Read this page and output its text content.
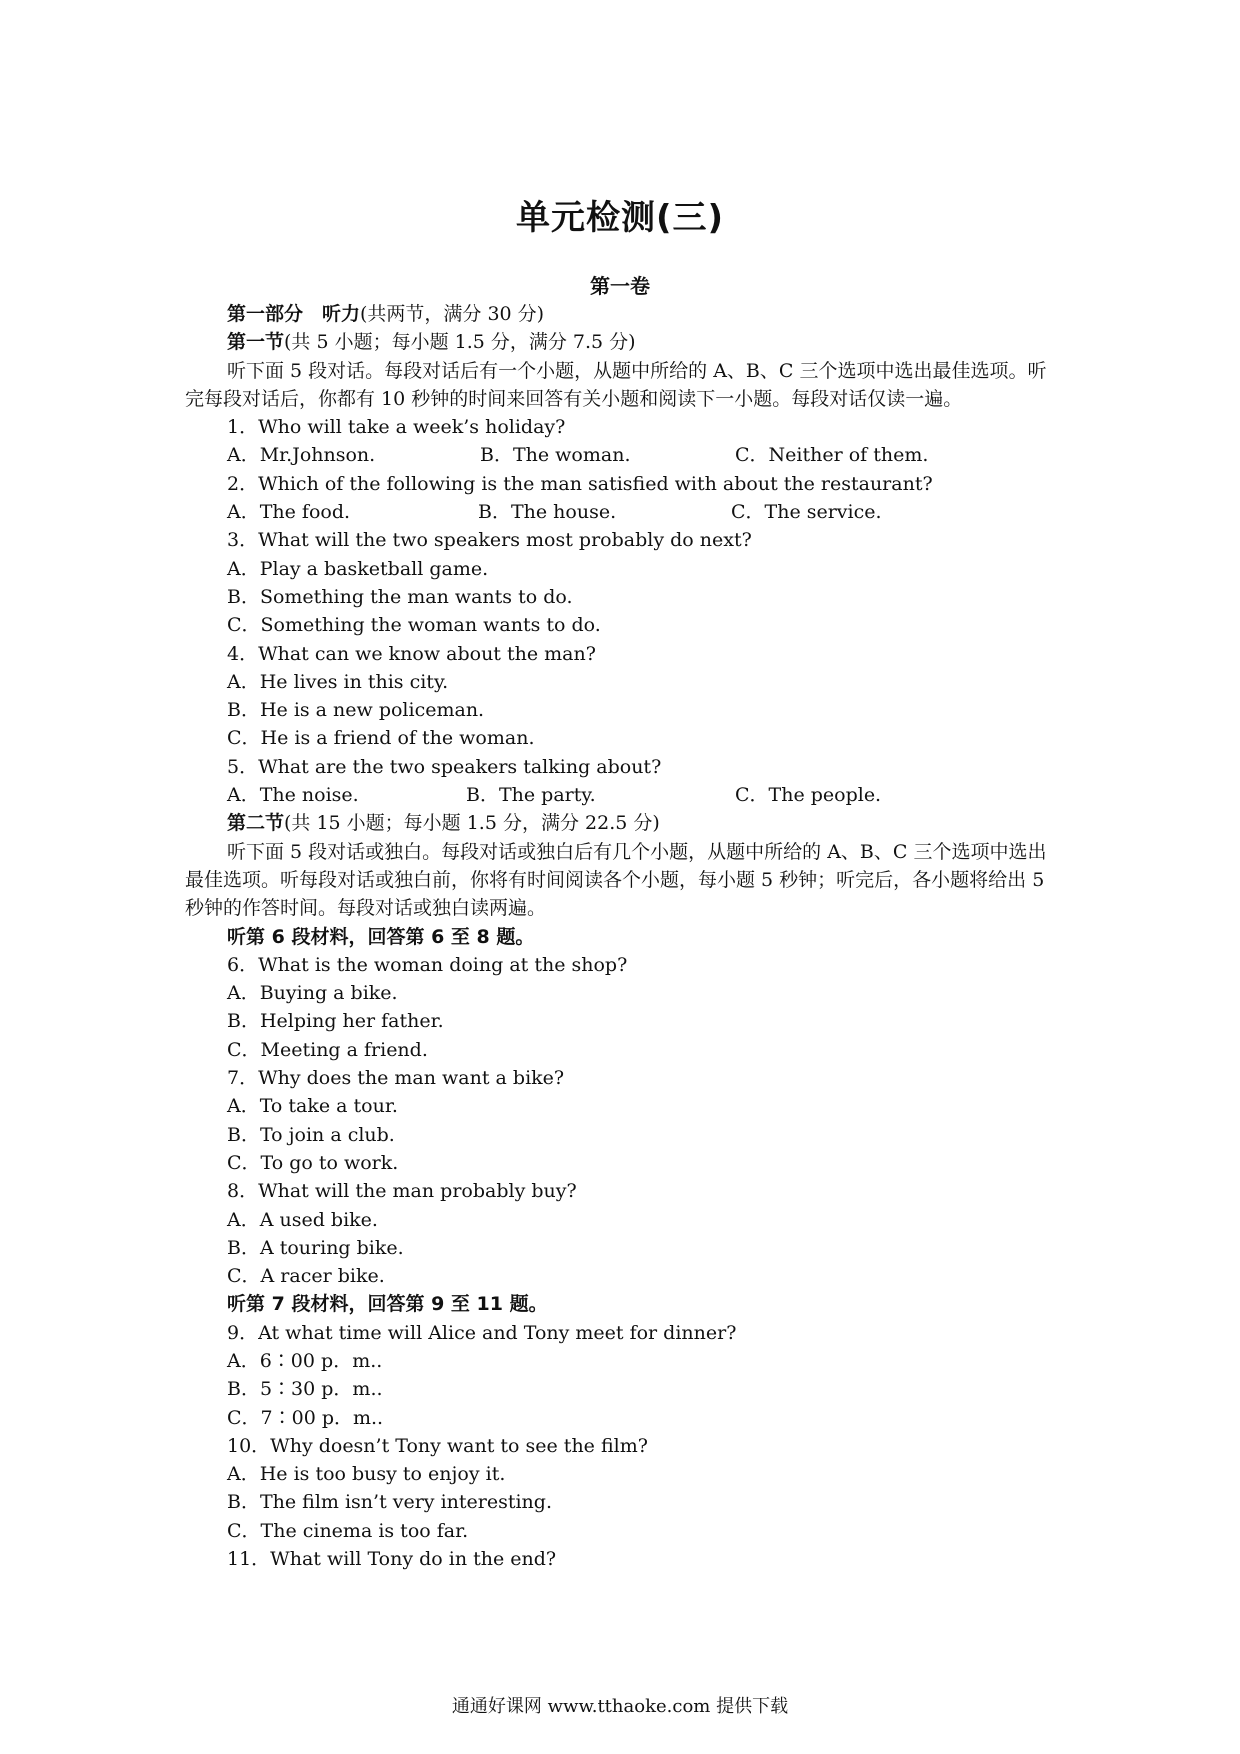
单元检测(三)
第一卷

第一部分　听力(共两节，满分 30 分)

第一节(共 5 小题；每小题 1.5 分，满分 7.5 分)

听下面 5 段对话。每段对话后有一个小题，从题中所给的 A、B、C 三个选项中选出最佳选项。听完每段对话后，你都有 10 秒钟的时间来回答有关小题和阅读下一小题。每段对话仅读一遍。

1．Who will take a week’s holiday?

A．Mr.Johnson.	B．The woman.	C．Neither of them.

2．Which of the following is the man satisfied with about the restaurant?

A．The food.	B．The house.	C．The service.

3．What will the two speakers most probably do next?

A．Play a basketball game.

B．Something the man wants to do.

C．Something the woman wants to do.

4．What can we know about the man?

A．He lives in this city.

B．He is a new policeman.

C．He is a friend of the woman.

5．What are the two speakers talking about?

A．The noise.	B．The party.	C．The people.

第二节(共 15 小题；每小题 1.5 分，满分 22.5 分)

听下面 5 段对话或独白。每段对话或独白后有几个小题，从题中所给的 A、B、C 三个选项中选出最佳选项。听每段对话或独白前，你将有时间阅读各个小题，每小题 5 秒钟；听完后，各小题将给出 5 秒钟的作答时间。每段对话或独白读两遍。

听第 6 段材料，回答第 6 至 8 题。

6．What is the woman doing at the shop?

A．Buying a bike.

B．Helping her father.

C．Meeting a friend.

7．Why does the man want a bike?

A．To take a tour.

B．To join a club.

C．To go to work.

8．What will the man probably buy?

A．A used bike.

B．A touring bike.

C．A racer bike.

听第 7 段材料，回答第 9 至 11 题。

9．At what time will Alice and Tony meet for dinner?

A．6∶00 p．m..

B．5∶30 p．m..

C．7∶00 p．m..

10．Why doesn’t Tony want to see the film?

A．He is too busy to enjoy it.

B．The film isn’t very interesting.

C．The cinema is too far.

11．What will Tony do in the end?

通通好课网 www.tthaoke.com 提供下载
